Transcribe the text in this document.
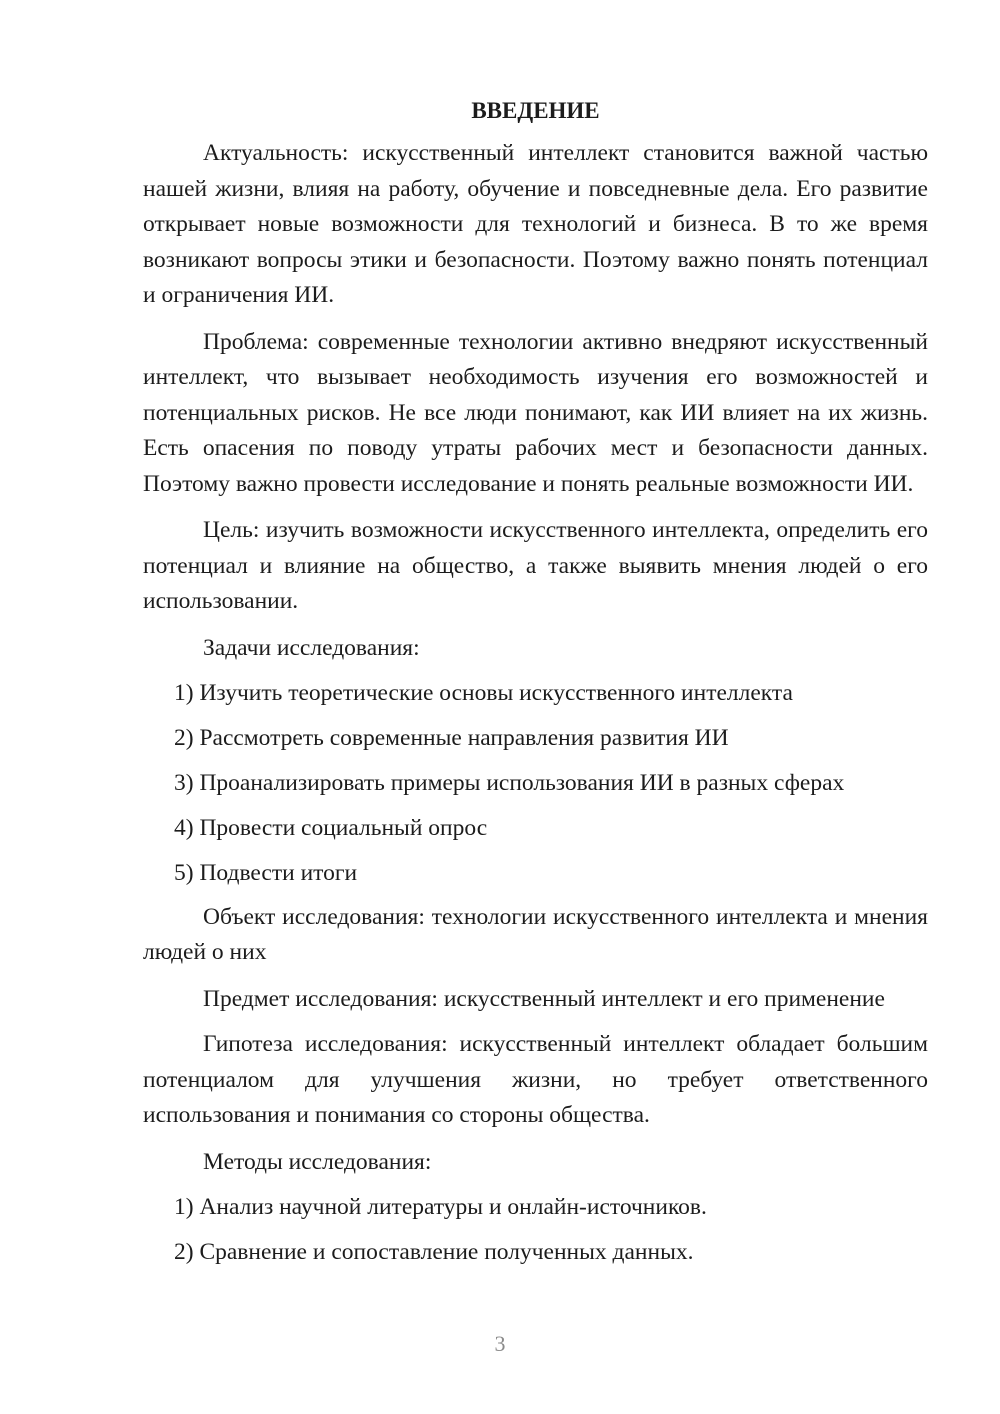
ВВЕДЕНИЕ

Актуальность: искусственный интеллект становится важной частью нашей жизни, влияя на работу, обучение и повседневные дела. Его развитие открывает новые возможности для технологий и бизнеса. В то же время возникают вопросы этики и безопасности. Поэтому важно понять потенциал и ограничения ИИ.

Проблема: современные технологии активно внедряют искусственный интеллект, что вызывает необходимость изучения его возможностей и потенциальных рисков. Не все люди понимают, как ИИ влияет на их жизнь. Есть опасения по поводу утраты рабочих мест и безопасности данных. Поэтому важно провести исследование и понять реальные возможности ИИ.

Цель: изучить возможности искусственного интеллекта, определить его потенциал и влияние на общество, а также выявить мнения людей о его использовании.

Задачи исследования:

1) Изучить теоретические основы искусственного интеллекта
2) Рассмотреть современные направления развития ИИ
3) Проанализировать примеры использования ИИ в разных сферах
4) Провести социальный опрос
5) Подвести итоги

Объект исследования: технологии искусственного интеллекта и мнения людей о них

Предмет исследования: искусственный интеллект и его применение

Гипотеза исследования: искусственный интеллект обладает большим потенциалом для улучшения жизни, но требует ответственного использования и понимания со стороны общества.

Методы исследования:

1) Анализ научной литературы и онлайн-источников.
2) Сравнение и сопоставление полученных данных.
3
